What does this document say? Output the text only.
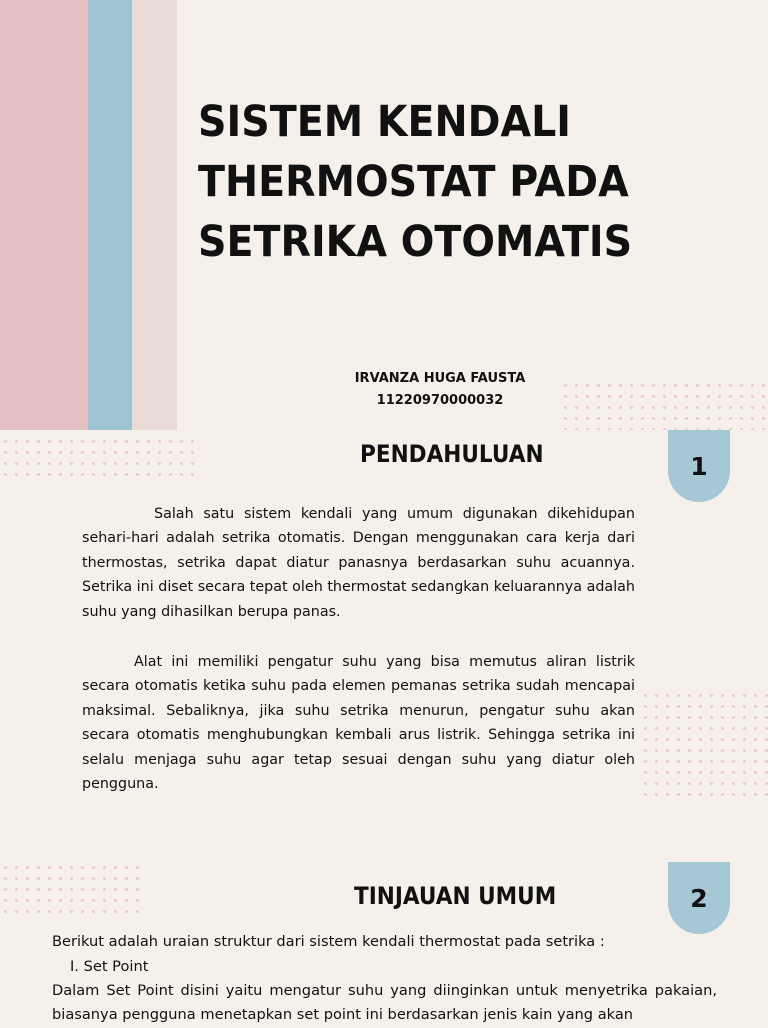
SISTEM KENDALI
THERMOSTAT PADA
SETRIKA OTOMATIS
IRVANZA HUGA FAUSTA
11220970000032
PENDAHULUAN	1

Salah satu sistem kendali yang umum digunakan dikehidupan sehari-hari adalah setrika otomatis. Dengan menggunakan cara kerja dari thermostas, setrika dapat diatur panasnya berdasarkan suhu acuannya. Setrika ini diset secara tepat oleh thermostat sedangkan keluarannya adalah suhu yang dihasilkan berupa panas.

Alat ini memiliki pengatur suhu yang bisa memutus aliran listrik secara otomatis ketika suhu pada elemen pemanas setrika sudah mencapai maksimal. Sebaliknya, jika suhu setrika menurun, pengatur suhu akan secara otomatis menghubungkan kembali arus listrik. Sehingga setrika ini selalu menjaga suhu agar tetap sesuai dengan suhu yang diatur oleh pengguna.

TINJAUAN UMUM	2

Berikut adalah uraian struktur dari sistem kendali thermostat pada setrika :

I. Set Point

Dalam Set Point disini yaitu mengatur suhu yang diinginkan untuk menyetrika pakaian, biasanya pengguna menetapkan set point ini berdasarkan jenis kain yang akan
